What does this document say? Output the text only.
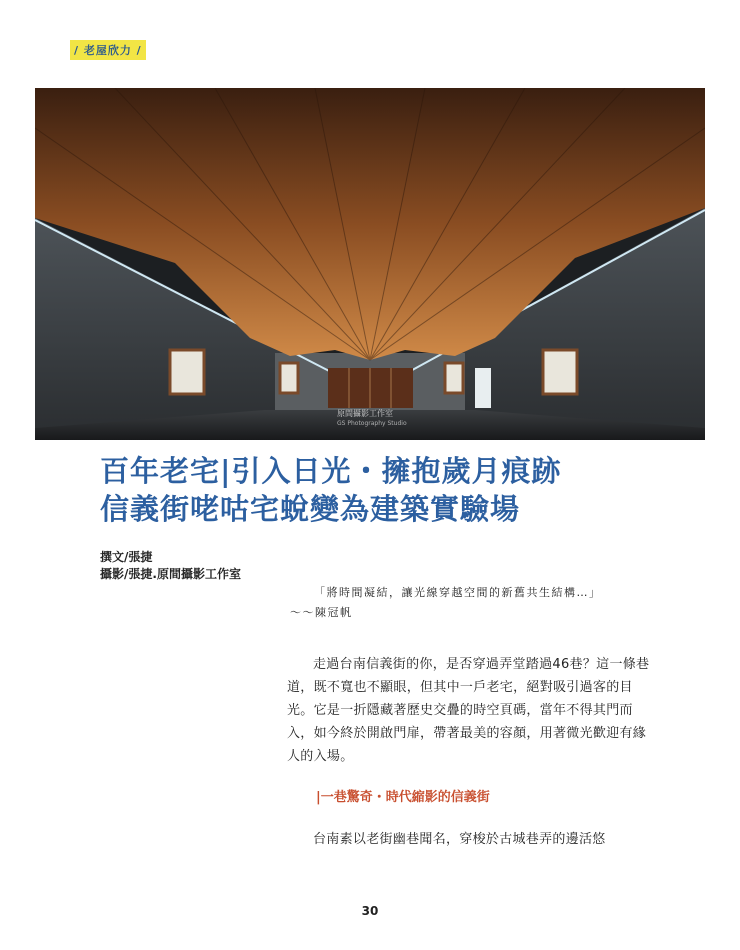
/ 老屋欣力 /
原間攝影工作室
GS Photography Studio
百年老宅|引入日光・擁抱歲月痕跡
信義街咾咕宅蛻變為建築實驗場
撰文/張捷
攝影/張捷.原間攝影工作室
「將時間凝結，讓光線穿越空間的新舊共生結構…」
〜〜陳冠帆

走過台南信義街的你，是否穿過弄堂踏過46巷？這一條巷道，既不寬也不顯眼，但其中一戶老宅，絕對吸引過客的目光。它是一折隱藏著歷史交疊的時空頁碼，當年不得其門而入，如今終於開啟門扉，帶著最美的容顏，用著微光歡迎有緣人的入場。

|一巷驚奇・時代縮影的信義街

台南素以老街幽巷聞名，穿梭於古城巷弄的邊活悠

30
